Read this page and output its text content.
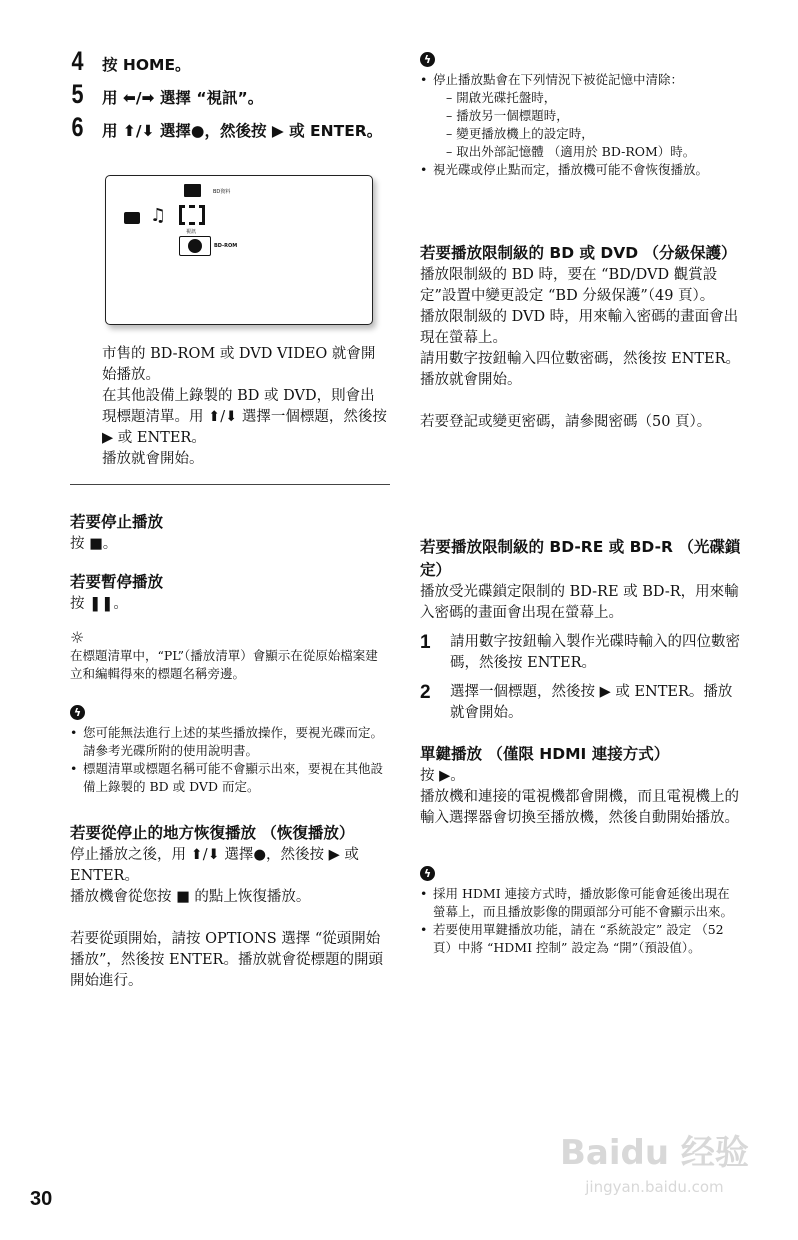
4 按 HOME。
5 用 ⬅/➡ 選擇 “視訊”。
6 用 ⬆/⬇ 選擇●，然後按 ▶ 或 ENTER。
BD資料
♫
視訊
BD-ROM
市售的 BD-ROM 或 DVD VIDEO 就會開始播放。
在其他設備上錄製的 BD 或 DVD，則會出現標題清單。用 ⬆/⬇ 選擇一個標題，然後按 ▶ 或 ENTER。
播放就會開始。
若要停止播放
按 ■。
若要暫停播放
按 ❚❚。
☼
在標題清單中，“PL”（播放清單）會顯示在從原始檔案建立和編輯得來的標題名稱旁邊。
ϟ
• 您可能無法進行上述的某些播放操作，要視光碟而定。請參考光碟所附的使用說明書。
• 標題清單或標題名稱可能不會顯示出來，要視在其他設備上錄製的 BD 或 DVD 而定。
若要從停止的地方恢復播放 （恢復播放）
停止播放之後，用 ⬆/⬇ 選擇●，然後按 ▶ 或 ENTER。
播放機會從您按 ■ 的點上恢復播放。
若要從頭開始，請按 OPTIONS 選擇 “從頭開始播放”，然後按 ENTER。播放就會從標題的開頭開始進行。
ϟ
• 停止播放點會在下列情況下被從記憶中清除：
– 開啟光碟托盤時，
– 播放另一個標題時，
– 變更播放機上的設定時，
– 取出外部記憶體 （適用於 BD-ROM）時。
• 視光碟或停止點而定，播放機可能不會恢復播放。
若要播放限制級的 BD 或 DVD （分級保護）
播放限制級的 BD 時，要在 “BD/DVD 觀賞設定”設置中變更設定 “BD 分級保護”（49 頁）。
播放限制級的 DVD 時，用來輸入密碼的畫面會出現在螢幕上。
請用數字按鈕輸入四位數密碼，然後按 ENTER。
播放就會開始。
若要登記或變更密碼，請參閱密碼（50 頁）。
若要播放限制級的 BD-RE 或 BD-R （光碟鎖定）
播放受光碟鎖定限制的 BD-RE 或 BD-R，用來輸入密碼的畫面會出現在螢幕上。
1 請用數字按鈕輸入製作光碟時輸入的四位數密碼，然後按 ENTER。
2 選擇一個標題，然後按 ▶ 或 ENTER。播放就會開始。
單鍵播放 （僅限 HDMI 連接方式）
按 ▶。
播放機和連接的電視機都會開機，而且電視機上的輸入選擇器會切換至播放機，然後自動開始播放。
ϟ
• 採用 HDMI 連接方式時，播放影像可能會延後出現在螢幕上，而且播放影像的開頭部分可能不會顯示出來。
• 若要使用單鍵播放功能，請在 “系統設定” 設定 （52 頁）中將 “HDMI 控制” 設定為 “開”（預設值）。
30
Baidu 经验
jingyan.baidu.com
